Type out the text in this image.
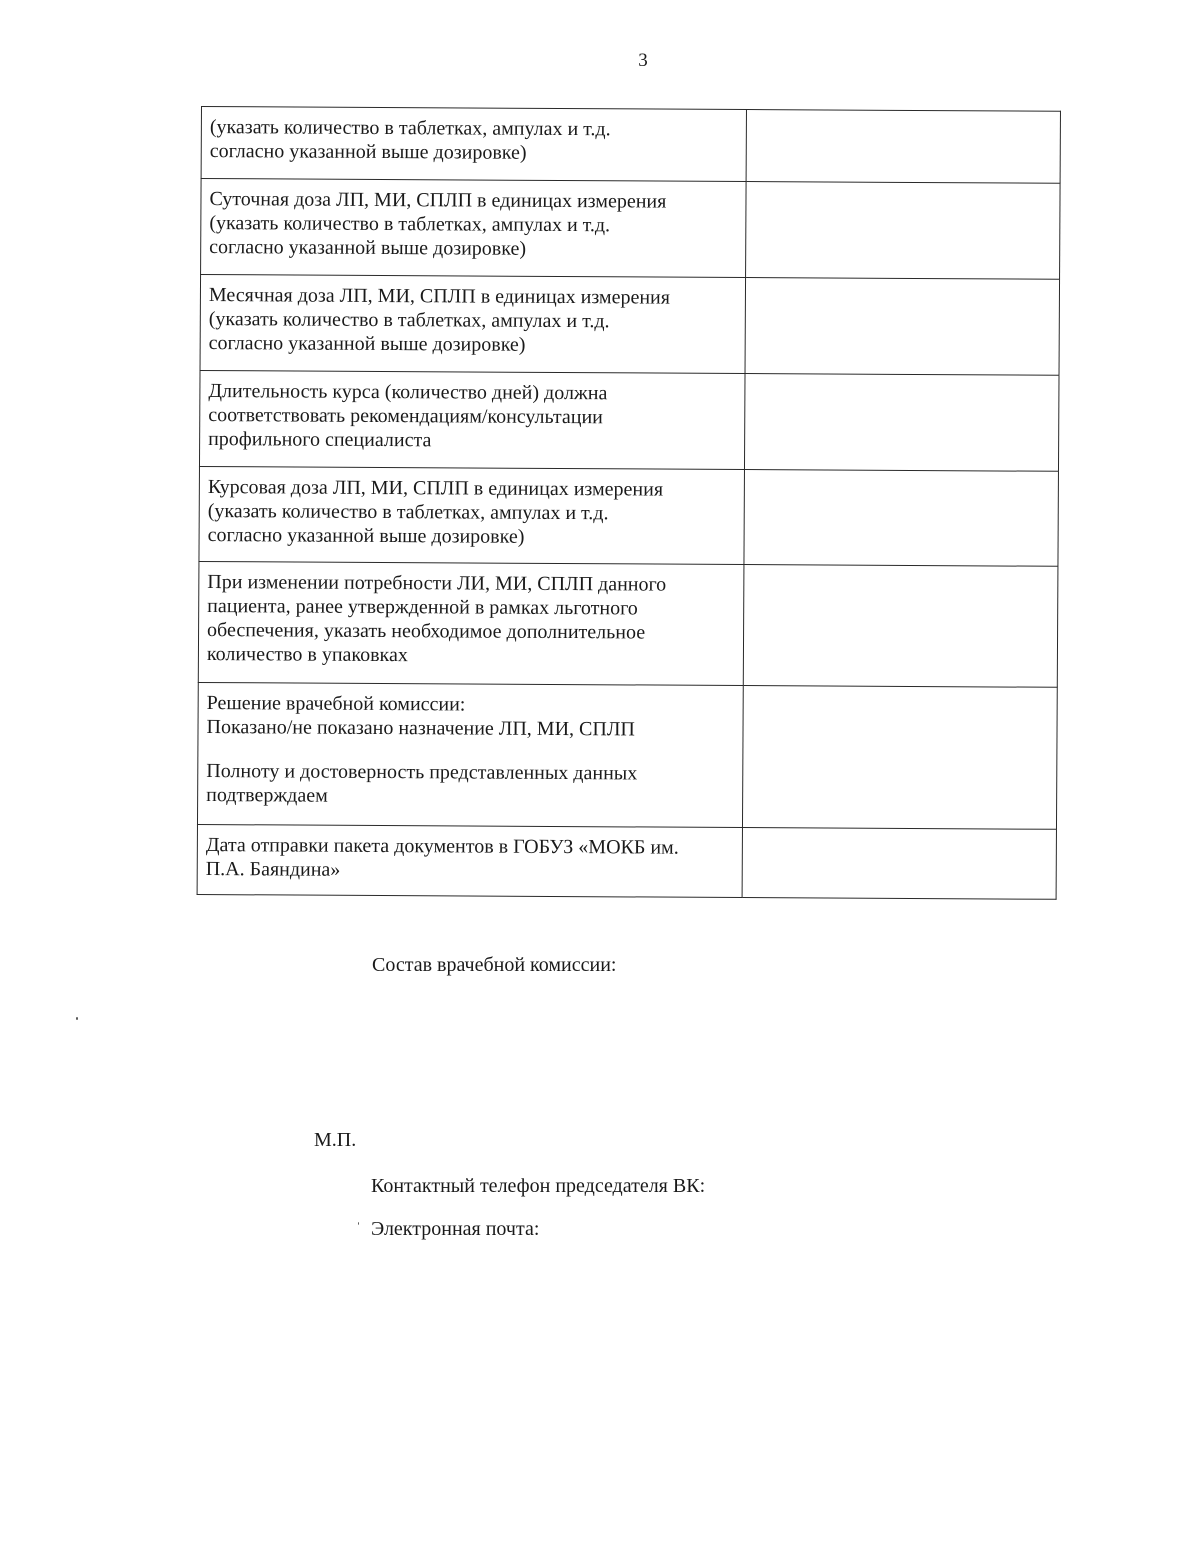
3
(указать количество в таблетках, ампулах и т.д.
согласно указанной выше дозировке)	

Суточная доза ЛП, МИ, СПЛП в единицах измерения
(указать количество в таблетках, ампулах и т.д.
согласно указанной выше дозировке)	

Месячная доза ЛП, МИ, СПЛП в единицах измерения
(указать количество в таблетках, ампулах и т.д.
согласно указанной выше дозировке)	

Длительность курса (количество дней) должна
соответствовать рекомендациям/консультации
профильного специалиста	

Курсовая доза ЛП, МИ, СПЛП в единицах измерения
(указать количество в таблетках, ампулах и т.д.
согласно указанной выше дозировке)	

При изменении потребности ЛИ, МИ, СПЛП данного
пациента, ранее утвержденной в рамках льготного
обеспечения, указать необходимое дополнительное
количество в упаковках	

Решение врачебной комиссии:
Показано/не показано назначение ЛП, МИ, СПЛП
Полноту и достоверность представленных данных
подтверждаем	

Дата отправки пакета документов в ГОБУЗ «МОКБ им.
П.А. Баяндина»	

Состав врачебной комиссии:
М.П.
Контактный телефон председателя ВК:
Электронная почта:
